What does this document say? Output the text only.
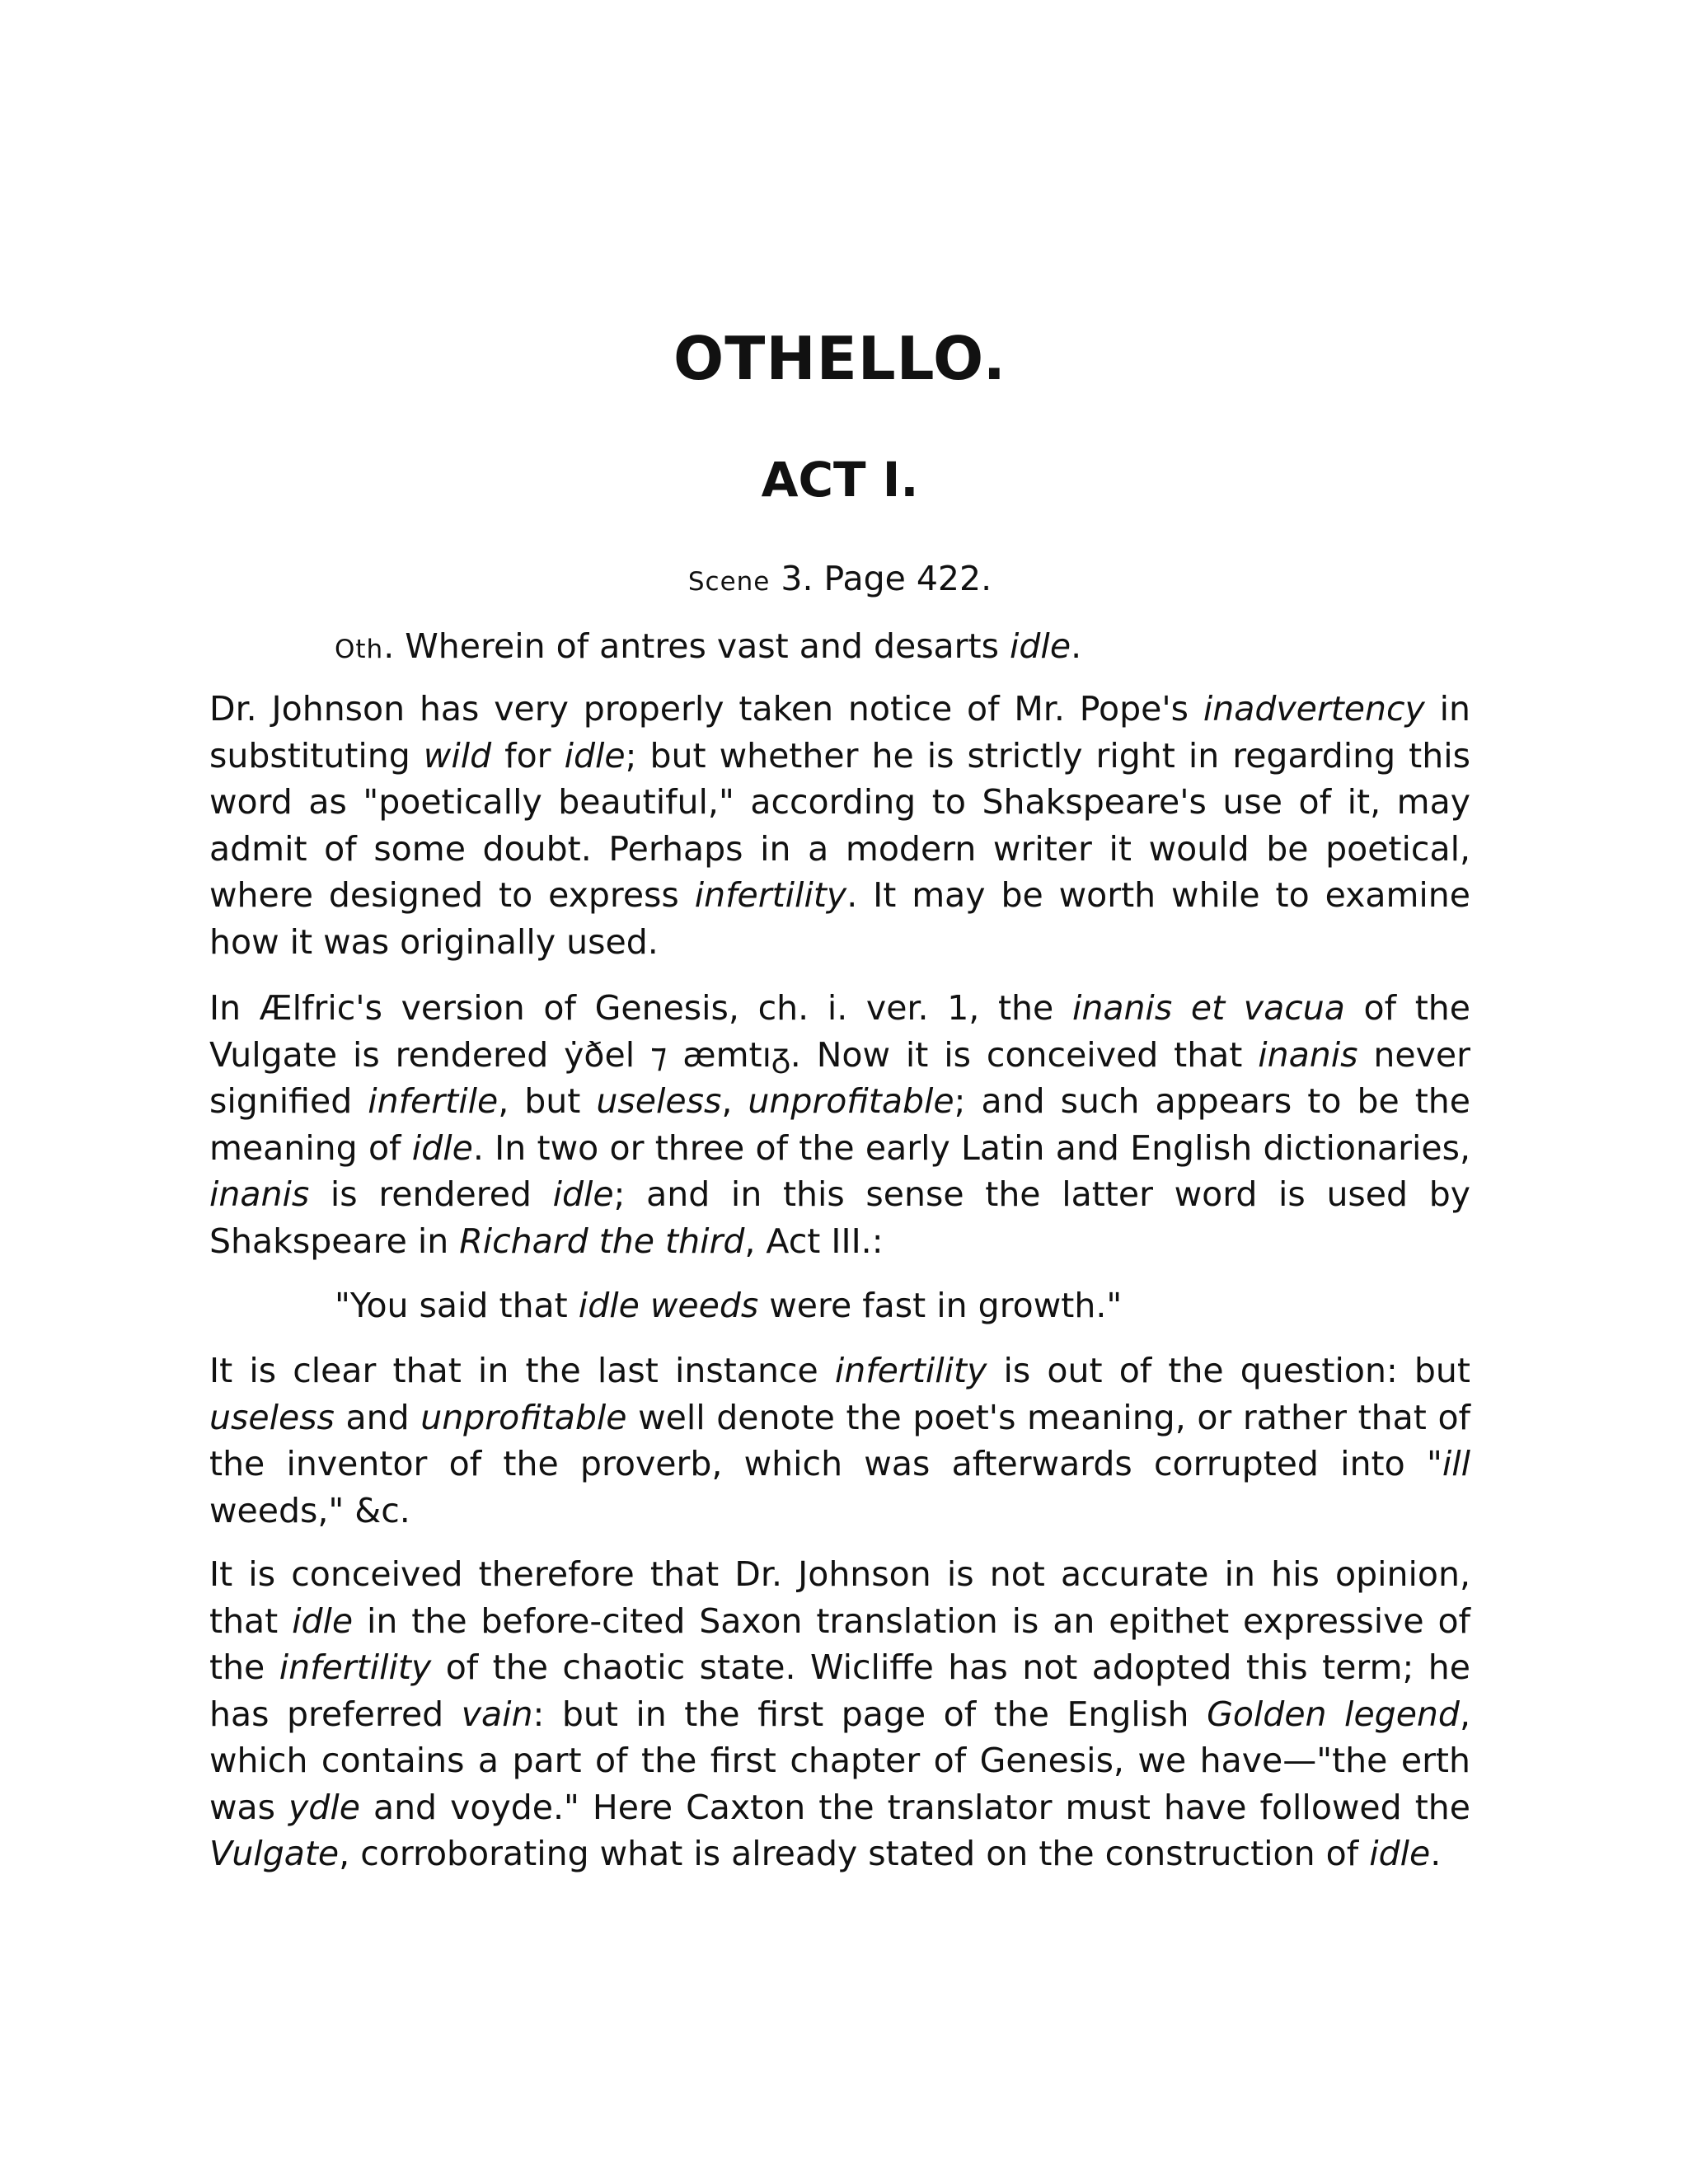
OTHELLO.
ACT I.
Scene 3. Page 422.
Oth. Wherein of antres vast and desarts idle.

Dr. Johnson has very properly taken notice of Mr. Pope's inadvertency in substituting wild for idle; but whether he is strictly right in regarding this word as "poetically beautiful," according to Shakspeare's use of it, may admit of some doubt. Perhaps in a modern writer it would be poetical, where designed to express infertility. It may be worth while to examine how it was originally used.

In Ælfric's version of Genesis, ch. i. ver. 1, the inanis et vacua of the Vulgate is rendered ẏðel ⁊ æmtıᵹ. Now it is conceived that inanis never signified infertile, but useless, unprofitable; and such appears to be the meaning of idle. In two or three of the early Latin and English dictionaries, inanis is rendered idle; and in this sense the latter word is used by Shakspeare in Richard the third, Act III.:

"You said that idle weeds were fast in growth."

It is clear that in the last instance infertility is out of the question: but useless and unprofitable well denote the poet's meaning, or rather that of the inventor of the proverb, which was afterwards corrupted into "ill weeds," &c.

It is conceived therefore that Dr. Johnson is not accurate in his opinion, that idle in the before-cited Saxon translation is an epithet expressive of the infertility of the chaotic state. Wicliffe has not adopted this term; he has preferred vain: but in the first page of the English Golden legend, which contains a part of the first chapter of Genesis, we have—"the erth was ydle and voyde." Here Caxton the translator must have followed the Vulgate, corroborating what is already stated on the construction of idle.
